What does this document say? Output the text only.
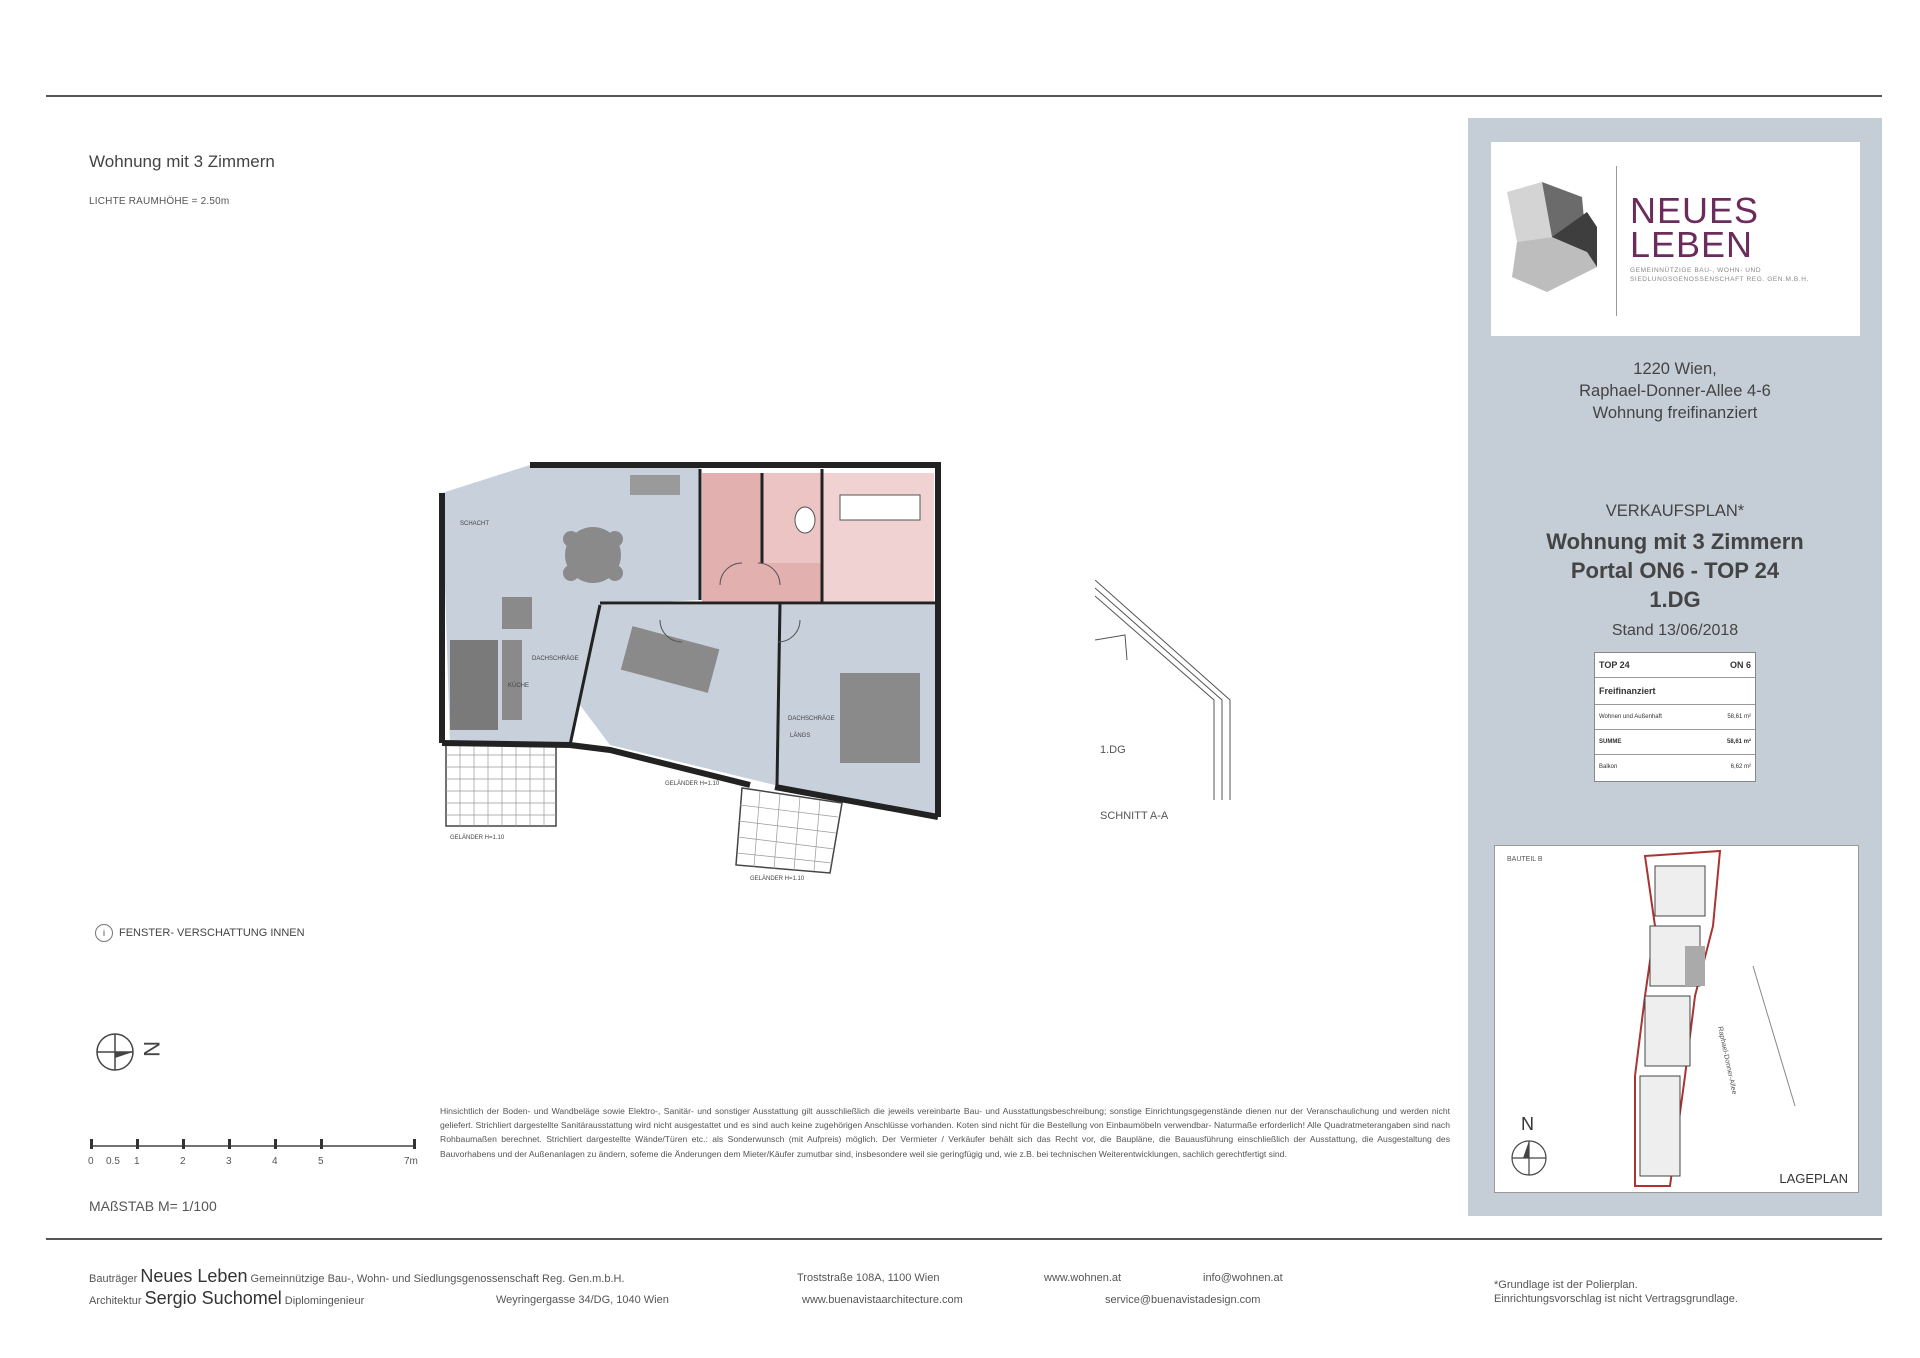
Wohnung mit 3 Zimmern
LICHTE RAUMHÖHE = 2.50m
DACHSCHRÄGE
DACHSCHRÄGE
GELÄNDER H=1.10
GELÄNDER H=1.10
GELÄNDER H=1.10
SCHACHT
KÜCHE
LÄNGS
1.DG
SCHNITT A-A
i	FENSTER- VERSCHATTUNG INNEN
N
0 0.5 1	2	3	4	5	7m
MAßSTAB M= 1/100
Hinsichtlich der Boden- und Wandbeläge sowie Elektro-, Sanitär- und sonstiger Ausstattung gilt ausschließlich die jeweils vereinbarte Bau- und Ausstattungsbeschreibung; sonstige Einrichtungsgegenstände dienen nur der Veranschaulichung und werden nicht geliefert. Strichliert dargestellte Sanitärausstattung wird nicht ausgestattet und es sind auch keine zugehörigen Anschlüsse vorhanden. Koten sind nicht für die Bestellung von Einbaumöbeln verwendbar- Naturmaße erforderlich! Alle Quadratmeterangaben sind nach Rohbaumaßen berechnet. Strichliert dargestellte Wände/Türen etc.: als Sonderwunsch (mit Aufpreis) möglich. Der Vermieter / Verkäufer behält sich das Recht vor, die Baupläne, die Bauausführung einschließlich der Ausstattung, die Ausgestaltung des Bauvorhabens und der Außenanlagen zu ändern, sofeme die Änderungen dem Mieter/Käufer zumutbar sind, insbesondere weil sie geringfügig und, wie z.B. bei technischen Weiterentwicklungen, sachlich gerechtfertigt sind.
Bauträger Neues Leben Gemeinnützige Bau-, Wohn- und Siedlungsgenossenschaft Reg. Gen.m.b.H.	Troststraße 108A, 1100 Wien	www.wohnen.at	info@wohnen.at
Architektur Sergio Suchomel Diplomingenieur	Weyringergasse 34/DG, 1040 Wien	www.buenavistaarchitecture.com	service@buenavistadesign.com
*Grundlage ist der Polierplan.
Einrichtungsvorschlag ist nicht Vertragsgrundlage.
NEUES
LEBEN
GEMEINNÜTZIGE BAU-, WOHN- UND
SIEDLUNGSGENOSSENSCHAFT REG. GEN.M.B.H.
1220 Wien,
Raphael-Donner-Allee 4-6
Wohnung freifinanziert
VERKAUFSPLAN*
Wohnung mit 3 Zimmern
Portal ON6 - TOP 24
1.DG
Stand 13/06/2018
TOP 24	ON 6
Freifinanziert
Wohnen und Außenhaft	58,61 m²
SUMME	58,61 m²
Balkon	6,62 m²
BAUTEIL B
Raphael-Donner-Allee
N
LAGEPLAN
